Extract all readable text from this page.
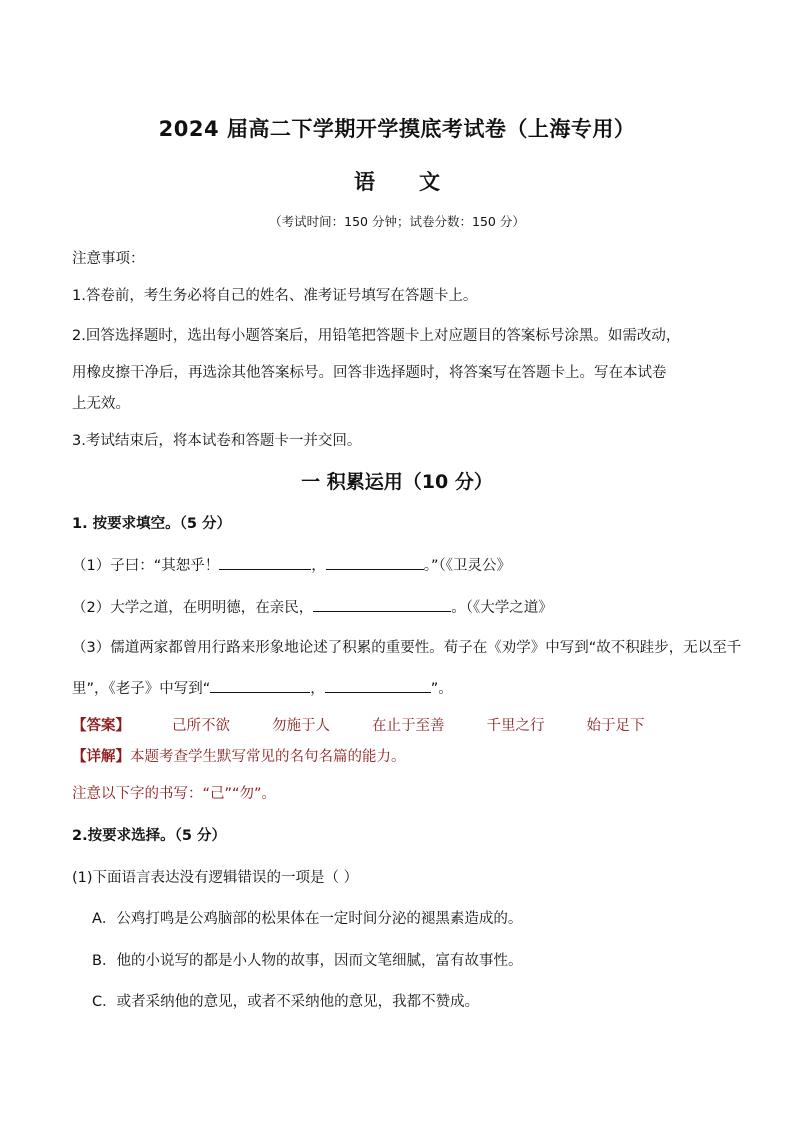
2024 届高二下学期开学摸底考试卷（上海专用）
语 文
（考试时间：150 分钟；试卷分数：150 分）
注意事项：
1.答卷前，考生务必将自己的姓名、准考证号填写在答题卡上。
2.回答选择题时，选出每小题答案后，用铅笔把答题卡上对应题目的答案标号涂黑。如需改动，
用橡皮擦干净后，再选涂其他答案标号。回答非选择题时，将答案写在答题卡上。写在本试卷
上无效。
3.考试结束后，将本试卷和答题卡一并交回。
一 积累运用（10 分）
1. 按要求填空。（5 分）
（1）子曰：“其恕乎！	，	。”（《卫灵公》
（2）大学之道，在明明德，在亲民，	。（《大学之道》
（3）儒道两家都曾用行路来形象地论述了积累的重要性。荀子在《劝学》中写到“故不积跬步，无以至千
里”，《老子》中写到“	，	”。
【答案】	己所不欲	勿施于人	在止于至善	千里之行	始于足下
【详解】本题考查学生默写常见的名句名篇的能力。
注意以下字的书写：“己”“勿”。
2.按要求选择。（5 分）
(1)下面语言表达没有逻辑错误的一项是（ ）
A．公鸡打鸣是公鸡脑部的松果体在一定时间分泌的褪黑素造成的。
B．他的小说写的都是小人物的故事，因而文笔细腻，富有故事性。
C．或者采纳他的意见，或者不采纳他的意见，我都不赞成。
